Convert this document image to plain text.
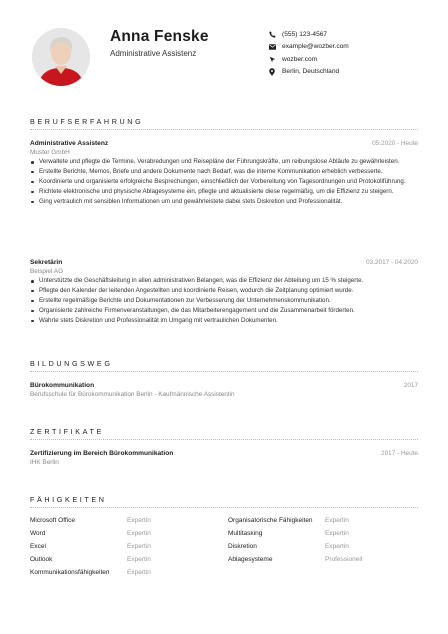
Anna Fenske
Administrative Assistenz
(555) 123-4567
example@wozber.com
wozber.com
Berlin, Deutschland
BERUFSERFAHRUNG
Administrative Assistenz	05.2020 - Heute
Muster GmbH
Verwaltete und pflegte die Termine, Verabredungen und Reisepläne der Führungskräfte, um reibungslose Abläufe zu gewährleisten.
Erstellte Berichte, Memos, Briefe und andere Dokumente nach Bedarf, was die interne Kommunikation erheblich verbesserte.
Koordinierte und organisierte erfolgreiche Besprechungen, einschließlich der Vorbereitung von Tagesordnungen und Protokollführung.
Richtete elektronische und physische Ablagesysteme ein, pflegte und aktualisierte diese regelmäßig, um die Effizienz zu steigern.
Ging vertraulich mit sensiblen Informationen um und gewährleistete dabei stets Diskretion und Professionalität.
Sekretärin	03.2017 - 04.2020
Beispiel AG
Unterstützte die Geschäftsleitung in allen administrativen Belangen, was die Effizienz der Abteilung um 15 % steigerte.
Pflegte den Kalender der leitenden Angestellten und koordinierte Reisen, wodurch die Zeitplanung optimiert wurde.
Erstellte regelmäßige Berichte und Dokumentationen zur Verbesserung der Unternehmenskommunikation.
Organisierte zahlreiche Firmenveranstaltungen, die das Mitarbeiterengagement und die Zusammenarbeit förderten.
Wahrte stets Diskretion und Professionalität im Umgang mit vertraulichen Dokumenten.
BILDUNGSWEG
Bürokommunikation	2017
Berufsschule für Bürokommunikation Berlin - Kaufmännische Assistentin
ZERTIFIKATE
Zertifizierung im Bereich Bürokommunikation	2017 - Heute
IHK Berlin
FÄHIGKEITEN
Microsoft Office	Expertin
Word	Expertin
Excel	Expertin
Outlook	Expertin
Kommunikationsfähigkeiten	Expertin
Organisatorische Fähigkeiten Expertin
Multitasking	Expertin
Diskretion	Expertin
Ablagesysteme	Professionell
